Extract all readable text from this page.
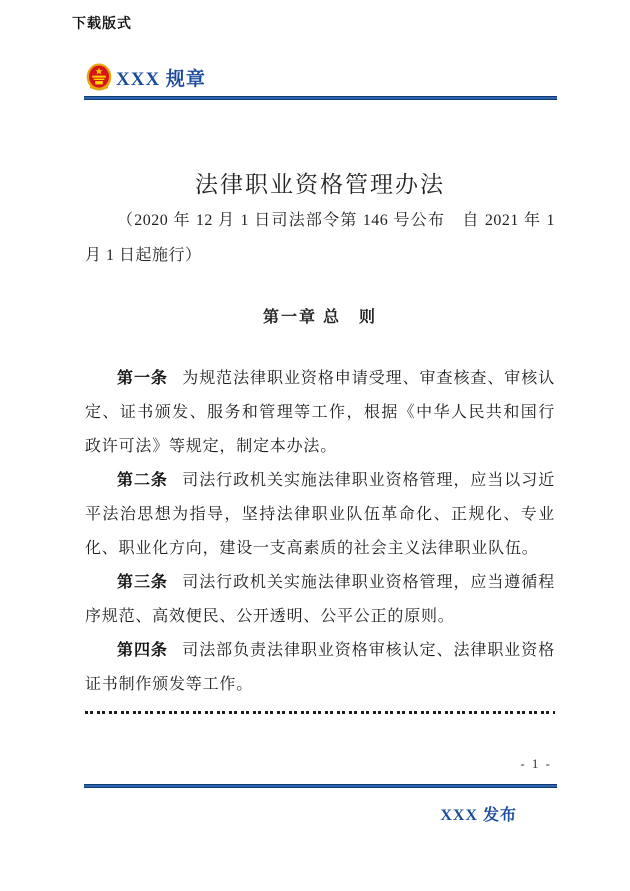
下载版式
XXX 规章
法律职业资格管理办法

（2020 年 12 月 1 日司法部令第 146 号公布　自 2021 年 1 月 1 日起施行）

第一章 总　则

第一条 为规范法律职业资格申请受理、审查核查、审核认定、证书颁发、服务和管理等工作，根据《中华人民共和国行政许可法》等规定，制定本办法。

第二条 司法行政机关实施法律职业资格管理，应当以习近平法治思想为指导，坚持法律职业队伍革命化、正规化、专业化、职业化方向，建设一支高素质的社会主义法律职业队伍。

第三条 司法行政机关实施法律职业资格管理，应当遵循程序规范、高效便民、公开透明、公平公正的原则。

第四条 司法部负责法律职业资格审核认定、法律职业资格证书制作颁发等工作。

- 1 -
XXX 发布
